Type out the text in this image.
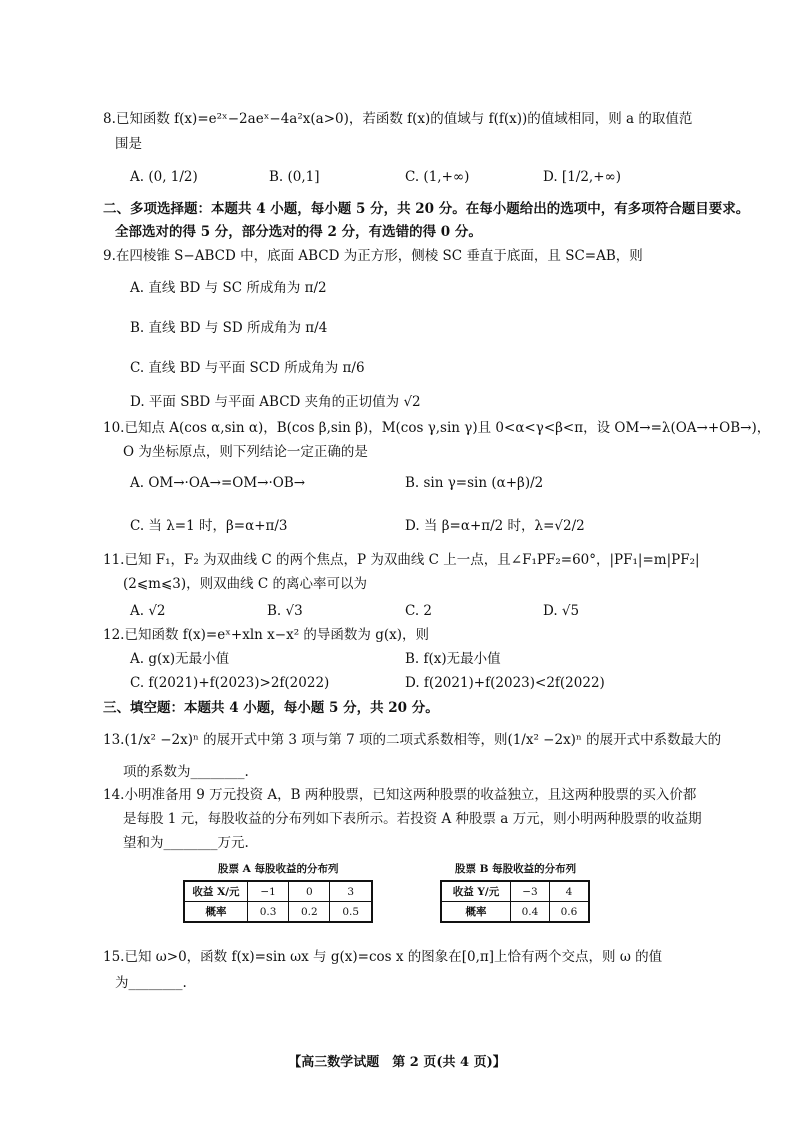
8.已知函数 f(x)=e²ˣ−2aeˣ−4a²x(a>0)，若函数 f(x)的值域与 f(f(x))的值域相同，则 a 的取值范
围是
A. (0, 1/2)	B. (0,1]	C. (1,+∞)	D. [1/2,+∞)
二、多项选择题：本题共 4 小题，每小题 5 分，共 20 分。在每小题给出的选项中，有多项符合题目要求。
全部选对的得 5 分，部分选对的得 2 分，有选错的得 0 分。
9.在四棱锥 S−ABCD 中，底面 ABCD 为正方形，侧棱 SC 垂直于底面，且 SC=AB，则
A. 直线 BD 与 SC 所成角为 π/2
B. 直线 BD 与 SD 所成角为 π/4
C. 直线 BD 与平面 SCD 所成角为 π/6
D. 平面 SBD 与平面 ABCD 夹角的正切值为 √2
10.已知点 A(cos α,sin α)，B(cos β,sin β)，M(cos γ,sin γ)且 0<α<γ<β<π，设 OM→=λ(OA→+OB→)，
O 为坐标原点，则下列结论一定正确的是
A. OM→·OA→=OM→·OB→	B. sin γ=sin (α+β)/2
C. 当 λ=1 时，β=α+π/3	D. 当 β=α+π/2 时，λ=√2/2
11.已知 F₁，F₂ 为双曲线 C 的两个焦点，P 为双曲线 C 上一点，且∠F₁PF₂=60°，|PF₁|=m|PF₂|
(2⩽m⩽3)，则双曲线 C 的离心率可以为
A. √2	B. √3	C. 2	D. √5
12.已知函数 f(x)=eˣ+xln x−x² 的导函数为 g(x)，则
A. g(x)无最小值	B. f(x)无最小值
C. f(2021)+f(2023)>2f(2022)	D. f(2021)+f(2023)<2f(2022)
三、填空题：本题共 4 小题，每小题 5 分，共 20 分。
13.(1/x² −2x)ⁿ 的展开式中第 3 项与第 7 项的二项式系数相等，则(1/x² −2x)ⁿ 的展开式中系数最大的
项的系数为________.
14.小明准备用 9 万元投资 A，B 两种股票，已知这两种股票的收益独立，且这两种股票的买入价都
是每股 1 元，每股收益的分布列如下表所示。若投资 A 种股票 a 万元，则小明两种股票的收益期
望和为________万元.
股票 A 每股收益的分布列
收益 X/元	−1	0	3
概率	0.3	0.2	0.5
股票 B 每股收益的分布列
收益 Y/元	−3	4
概率	0.4	0.6
15.已知 ω>0，函数 f(x)=sin ωx 与 g(x)=cos x 的图象在[0,π]上恰有两个交点，则 ω 的值
为________.
【高三数学试题　第 2 页(共 4 页)】
